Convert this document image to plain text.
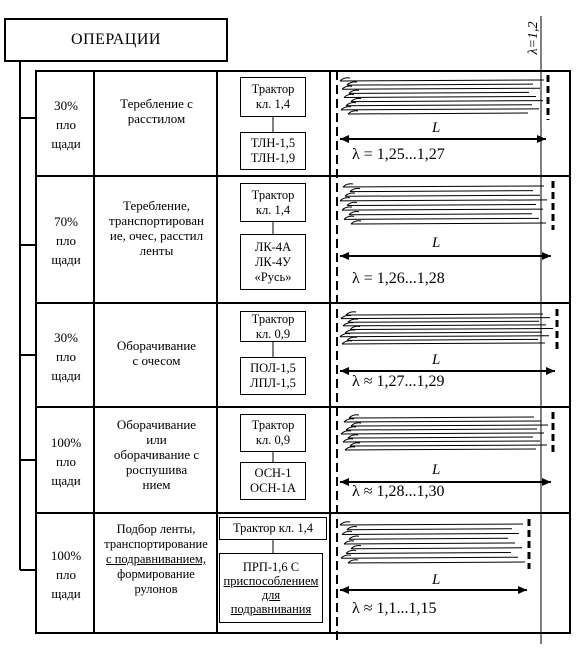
ОПЕРАЦИИ	λ=1,2
30%
пло
щади
Теребление с
расстилом
Трактор
кл. 1,4
ТЛН-1,5
ТЛН-1,9
70%
пло
щади
Теребление,
транспортирован
ие, очес, расстил
ленты
Трактор
кл. 1,4
ЛК-4А
ЛК-4У
«Русь»
30%
пло
щади
Оборачивание
с очесом
Трактор
кл. 0,9
ПОЛ-1,5
ЛПЛ-1,5
100%
пло
щади
Оборачивание
или
оборачивание с
роспушива
нием
Трактор
кл. 0,9
ОСН-1
ОСН-1А
100%
пло
щади
Подбор ленты,
транспортирование
с подравниванием,
формирование
рулонов
Трактор кл. 1,4
ПРП-1,6 С
приспособлением
для
подравнивания
L
L
L
L
L
λ = 1,25...1,27
λ = 1,26...1,28
λ ≈ 1,27...1,29
λ ≈ 1,28...1,30
λ ≈ 1,1...1,15
